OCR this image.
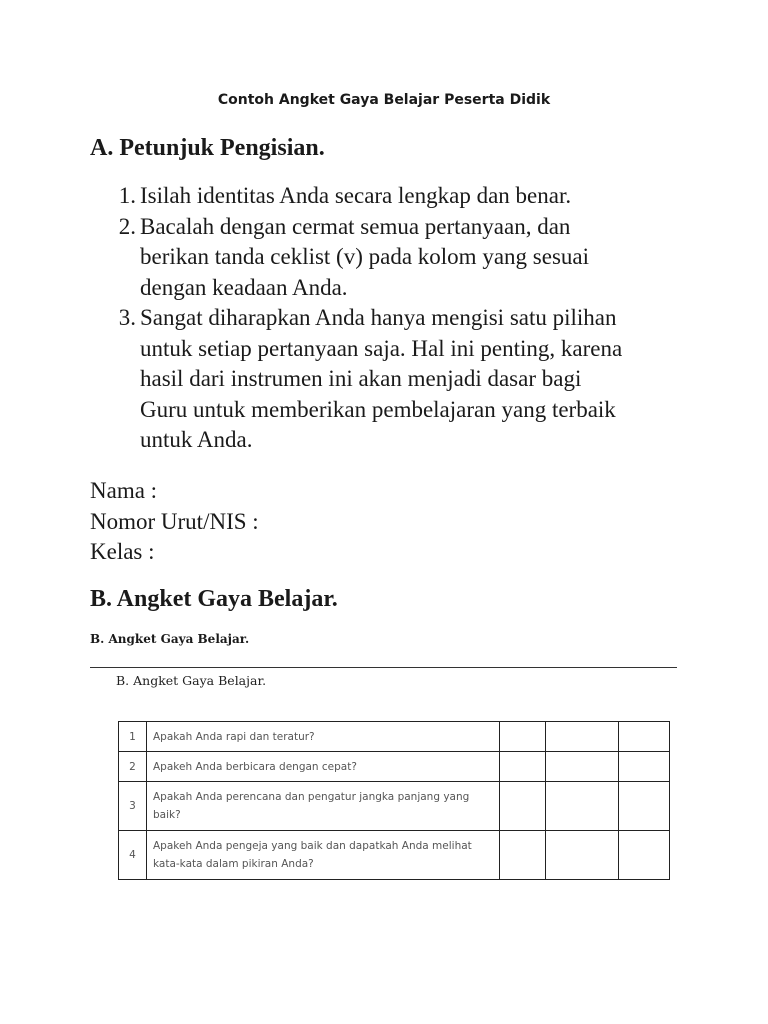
Contoh Angket Gaya Belajar Peserta Didik
A. Petunjuk Pengisian.
1. Isilah identitas Anda secara lengkap dan benar.
2. Bacalah dengan cermat semua pertanyaan, dan
berikan tanda ceklist (v) pada kolom yang sesuai
dengan keadaan Anda.
3. Sangat diharapkan Anda hanya mengisi satu pilihan
untuk setiap pertanyaan saja. Hal ini penting, karena
hasil dari instrumen ini akan menjadi dasar bagi
Guru untuk memberikan pembelajaran yang terbaik
untuk Anda.
Nama :
Nomor Urut/NIS :
Kelas :
B. Angket Gaya Belajar.
B. Angket Gaya Belajar.
B. Angket Gaya Belajar.
1	Apakah Anda rapi dan teratur?			
2	Apakeh Anda berbicara dengan cepat?			
3	Apakah Anda perencana dan pengatur jangka panjang yang
baik?			
4	Apakeh Anda pengeja yang baik dan dapatkah Anda melihat
kata-kata dalam pikiran Anda?			
